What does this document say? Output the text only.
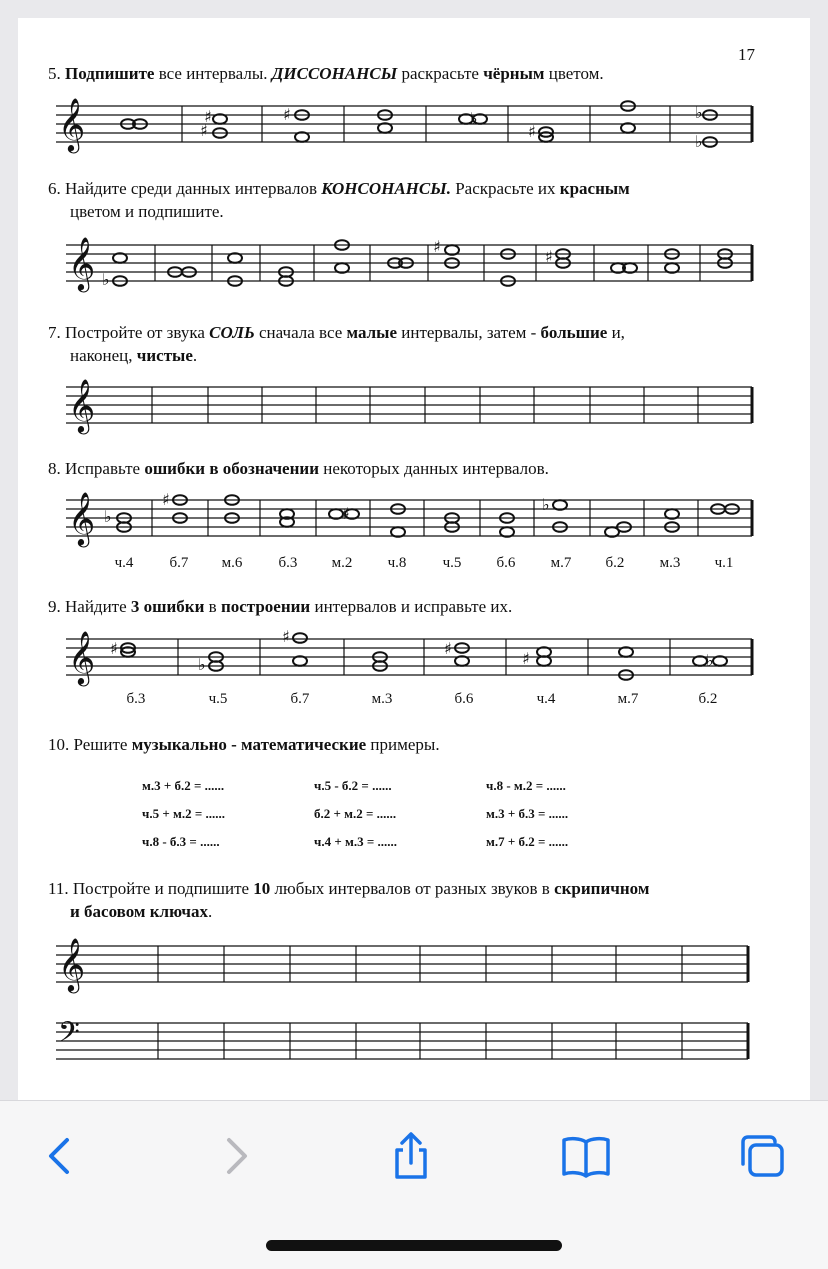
17
5. Подпишите все интервалы. ДИССОНАНСЫ раскрасьте чёрным цветом.
6. Найдите среди данных интервалов КОНСОНАНСЫ. Раскрасьте их красным
цветом и подпишите.
7. Постройте от звука СОЛЬ сначала все малые интервалы, затем - большие и,
наконец, чистые.
8. Исправьте ошибки в обозначении некоторых данных интервалов.
9. Найдите 3 ошибки в построении интервалов и исправьте их.
10. Решите музыкально - математические примеры.
11. Постройте и подпишите 10 любых интервалов от разных звуков в скрипичном
и басовом ключах.
𝄞	♯
♯	♯	♭
♯
♭
♭
𝄞 ♭
♯
♯
𝄞
𝄞 ♭
♯
♯	♭
𝄞 ♯
♭
♯
♯
♯	♭
𝄞
𝄢
ч.4 б.7 м.6 б.3 м.2 ч.8 ч.5 б.6 м.7 б.2 м.3 ч.1
б.3	ч.5	б.7	м.3	б.6	ч.4	м.7	б.2
м.3 + б.2 = ......	ч.5 - б.2 = ......	ч.8 - м.2 = ......
ч.5 + м.2 = ......	б.2 + м.2 = ......	м.3 + б.3 = ......
ч.8 - б.3 = ......	ч.4 + м.3 = ......	м.7 + б.2 = ......
